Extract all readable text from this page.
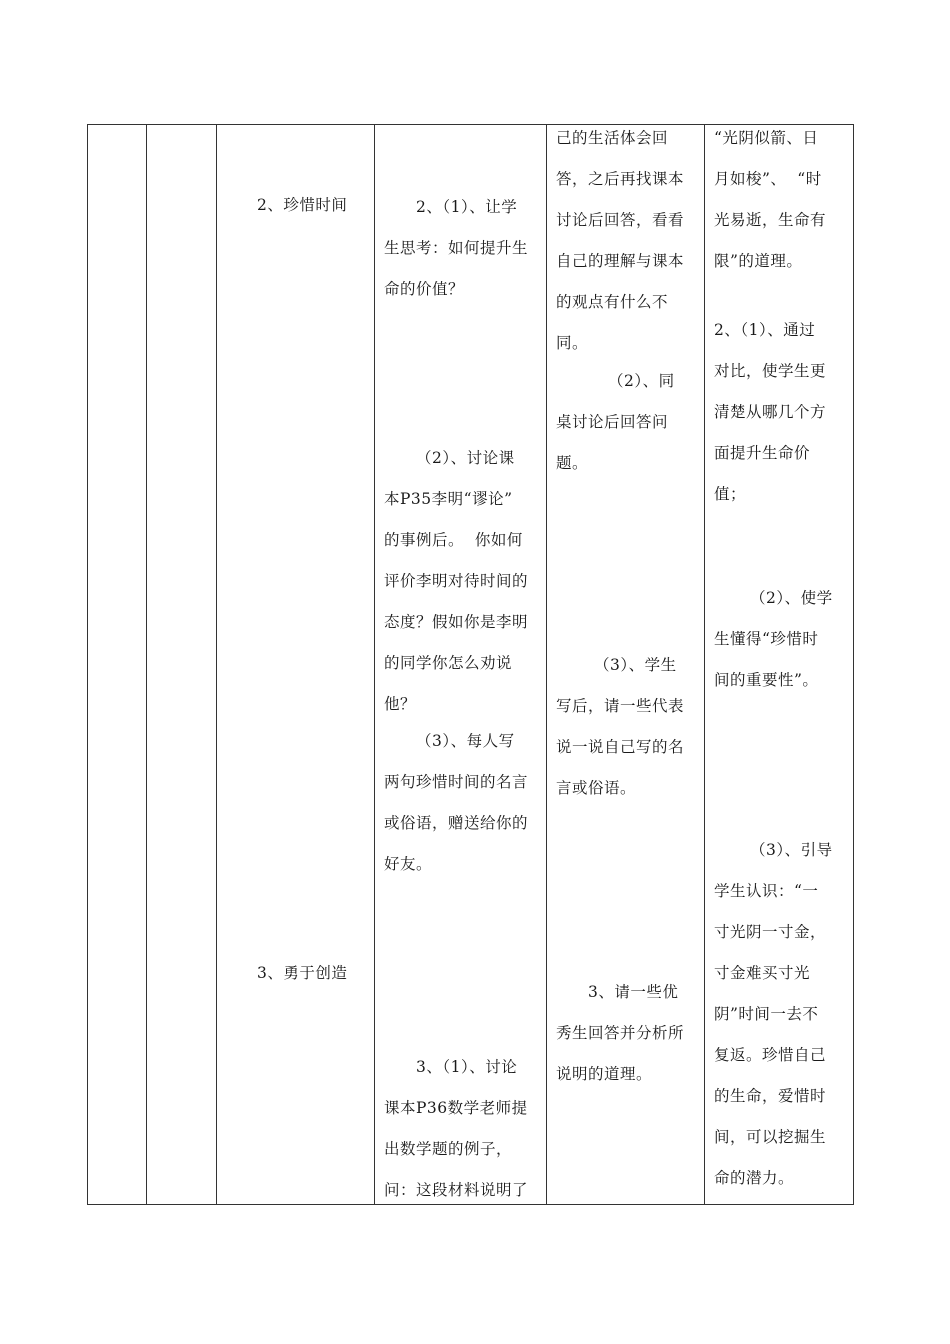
2、珍惜时间
3、勇于创造
2、（1）、让学
生思考：如何提升生
命的价值？
（2）、讨论课
本P35李明“谬论”
的事例后。  你如何
评价李明对待时间的
态度？假如你是李明
的同学你怎么劝说
他？
（3）、每人写
两句珍惜时间的名言
或俗语，赠送给你的
好友。
3、（1）、讨论
课本P36数学老师提
出数学题的例子，
问：这段材料说明了
己的生活体会回
答，之后再找课本
讨论后回答，看看
自己的理解与课本
的观点有什么不
同。
（2）、同
桌讨论后回答问
题。
（3）、学生
写后，请一些代表
说一说自己写的名
言或俗语。
3、请一些优
秀生回答并分析所
说明的道理。
“光阴似箭、日
月如梭”、  “时
光易逝，生命有
限”的道理。
2、（1）、通过
对比，使学生更
清楚从哪几个方
面提升生命价
值；
（2）、使学
生懂得“珍惜时
间的重要性”。
（3）、引导
学生认识：“一
寸光阴一寸金，
寸金难买寸光
阴”时间一去不
复返。珍惜自己
的生命，爱惜时
间，可以挖掘生
命的潜力。
